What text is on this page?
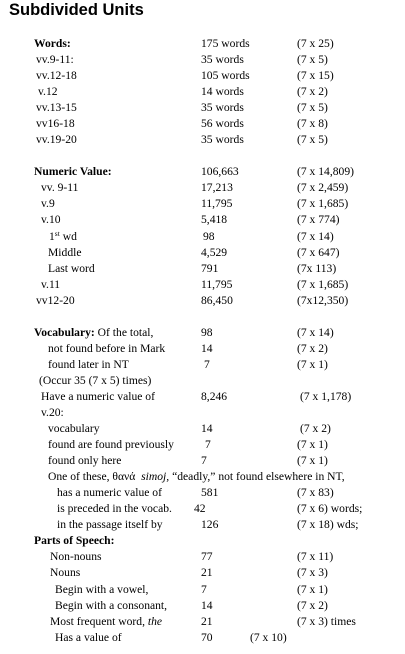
Subdivided Units
Words:	175 words	(7 x 25)
vv.9-11:	35 words	(7 x 5)
vv.12-18	105 words	(7 x 15)
v.12	14 words	(7 x 2)
vv.13-15	35 words	(7 x 5)
vv16-18	56 words	(7 x 8)
vv.19-20	35 words	(7 x 5)
Numeric Value:	106,663	(7 x 14,809)
vv. 9-11	17,213	(7 x 2,459)
v.9	11,795	(7 x 1,685)
v.10	5,418	(7 x 774)
1st wd	98	(7 x 14)
Middle	4,529	(7 x 647)
Last word	791	(7x 113)
v.11	11,795	(7 x 1,685)
vv12-20	86,450	(7x12,350)
Vocabulary: Of the total,	98	(7 x 14)
not found before in Mark	14	(7 x 2)
found later in NT	7	(7 x 1)
(Occur 35 (7 x 5) times)
Have a numeric value of	8,246	(7 x 1,178)
v.20:
vocabulary	14	(7 x 2)
found are found previously	7	(7 x 1)
found only here	7	(7 x 1)
One of these, θανά simoj, “deadly,” not found elsewhere in NT,
has a numeric value of	581	(7 x 83)
is preceded in the vocab. 42	(7 x 6) words;
in the passage itself by	126	(7 x 18) wds;
Parts of Speech:
Non-nouns	77	(7 x 11)
Nouns	21	(7 x 3)
Begin with a vowel,	7	(7 x 1)
Begin with a consonant,	14	(7 x 2)
Most frequent word, the	21	(7 x 3) times
Has a value of	70	(7 x 10)
